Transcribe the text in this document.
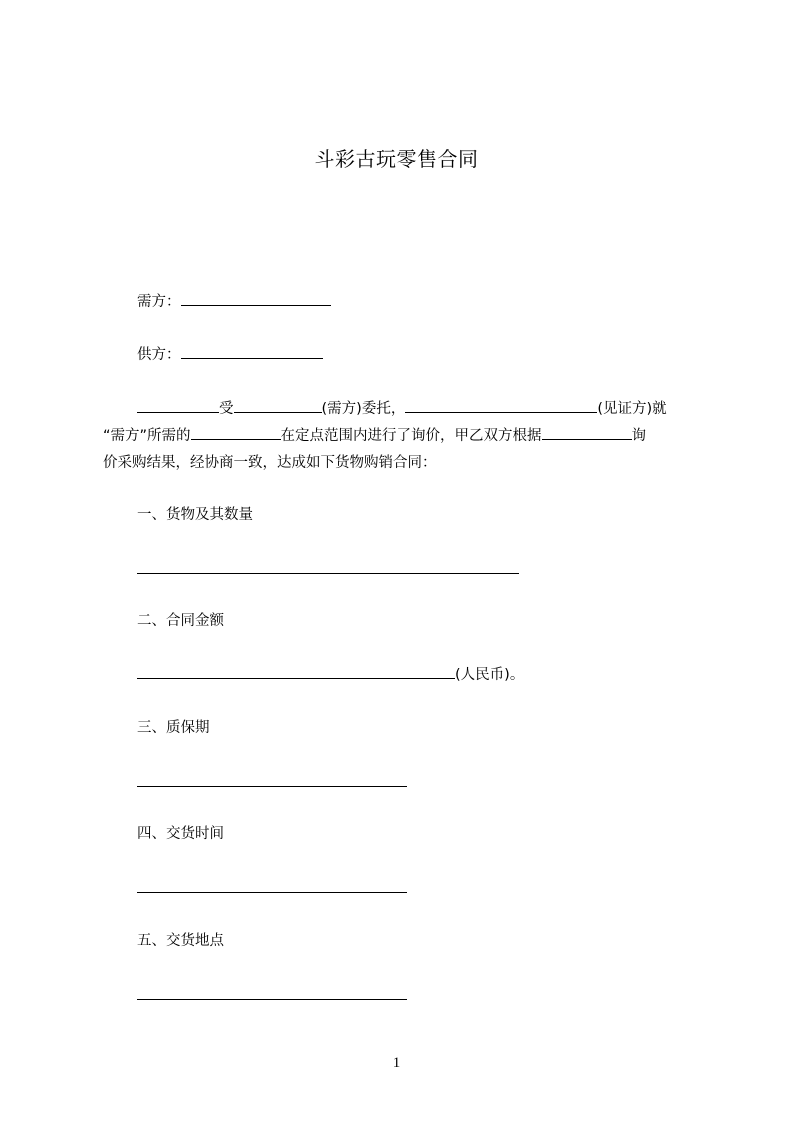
斗彩古玩零售合同
需方：
供方：
受	(需方)委托，	(见证方)就
“需方”所需的	在定点范围内进行了询价，甲乙双方根据	询
价采购结果，经协商一致，达成如下货物购销合同：
一、货物及其数量
二、合同金额
(人民币)。
三、质保期
四、交货时间
五、交货地点
1
